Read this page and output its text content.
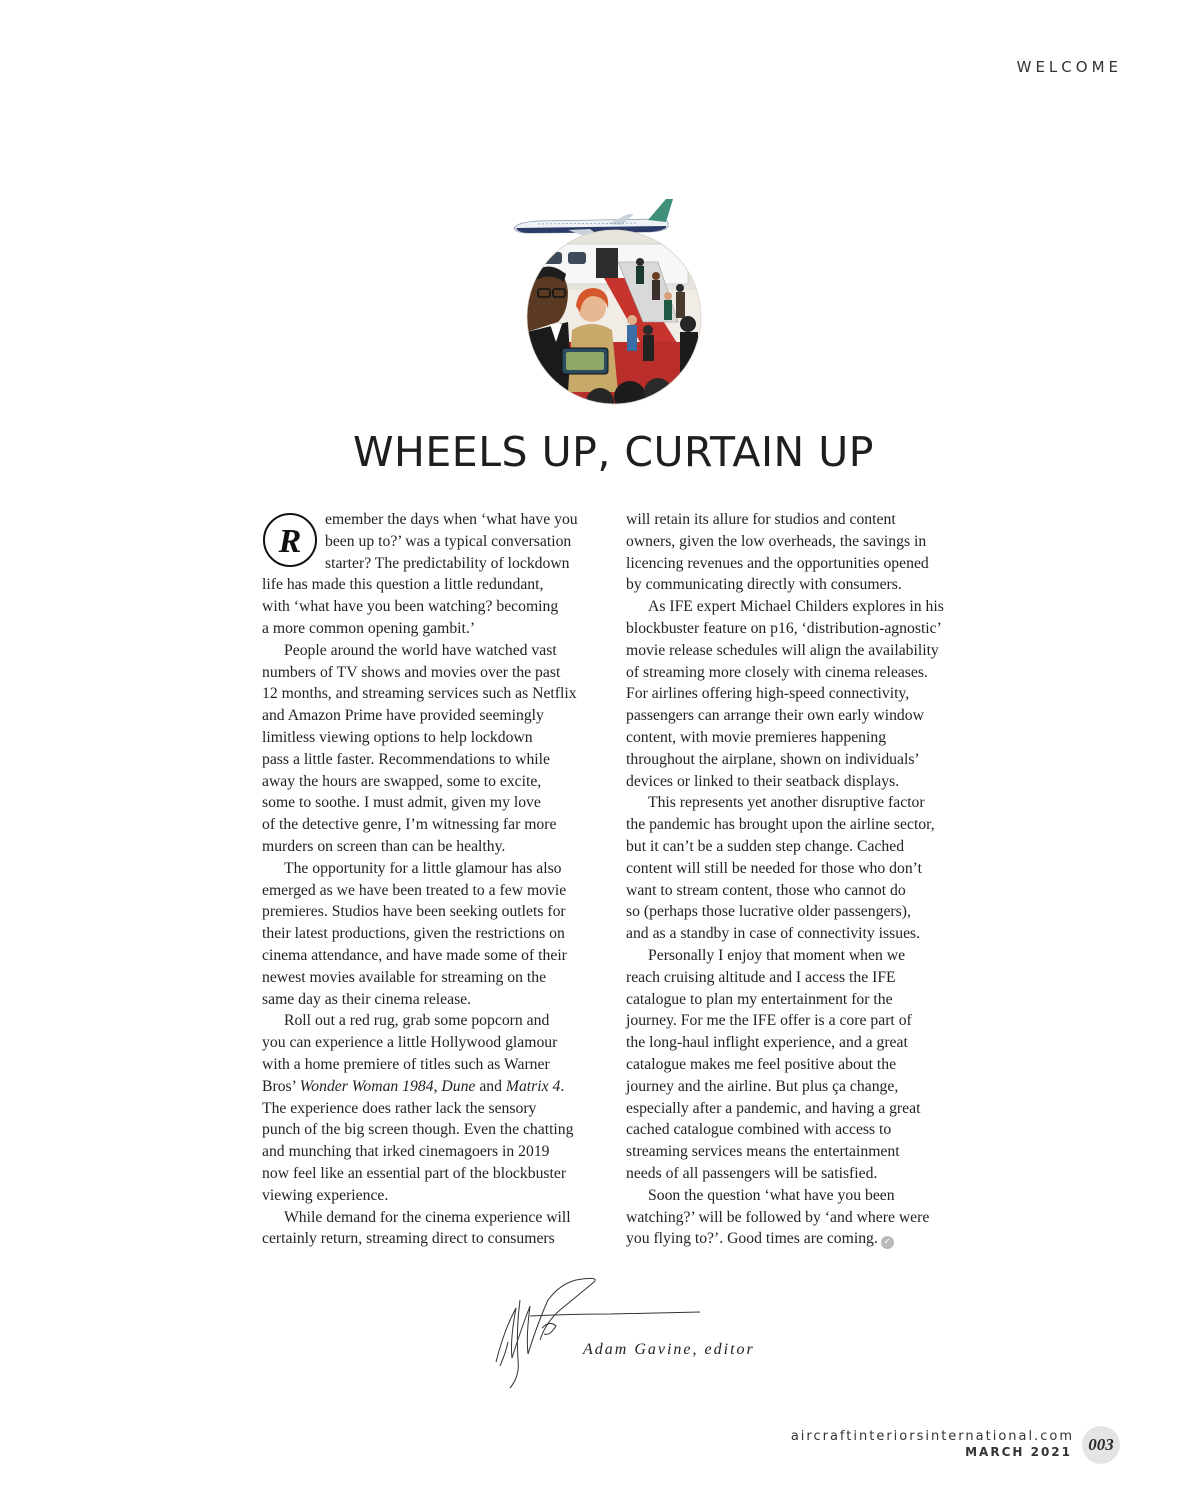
WELCOME
WHEELS UP, CURTAIN UP
R

emember the days when ‘what have you

been up to?’ was a typical conversation

starter? The predictability of lockdown

life has made this question a little redundant,

with ‘what have you been watching? becoming

a more common opening gambit.’

People around the world have watched vast

numbers of TV shows and movies over the past

12 months, and streaming services such as Netflix

and Amazon Prime have provided seemingly

limitless viewing options to help lockdown

pass a little faster. Recommendations to while

away the hours are swapped, some to excite,

some to soothe. I must admit, given my love

of the detective genre, I’m witnessing far more

murders on screen than can be healthy.

The opportunity for a little glamour has also

emerged as we have been treated to a few movie

premieres. Studios have been seeking outlets for

their latest productions, given the restrictions on

cinema attendance, and have made some of their

newest movies available for streaming on the

same day as their cinema release.

Roll out a red rug, grab some popcorn and

you can experience a little Hollywood glamour

with a home premiere of titles such as Warner

Bros’ Wonder Woman 1984, Dune and Matrix 4.

The experience does rather lack the sensory

punch of the big screen though. Even the chatting

and munching that irked cinemagoers in 2019

now feel like an essential part of the blockbuster

viewing experience.

While demand for the cinema experience will

certainly return, streaming direct to consumers

will retain its allure for studios and content

owners, given the low overheads, the savings in

licencing revenues and the opportunities opened

by communicating directly with consumers.

As IFE expert Michael Childers explores in his

blockbuster feature on p16, ‘distribution-agnostic’

movie release schedules will align the availability

of streaming more closely with cinema releases.

For airlines offering high-speed connectivity,

passengers can arrange their own early window

content, with movie premieres happening

throughout the airplane, shown on individuals’

devices or linked to their seatback displays.

This represents yet another disruptive factor

the pandemic has brought upon the airline sector,

but it can’t be a sudden step change. Cached

content will still be needed for those who don’t

want to stream content, those who cannot do

so (perhaps those lucrative older passengers),

and as a standby in case of connectivity issues.

Personally I enjoy that moment when we

reach cruising altitude and I access the IFE

catalogue to plan my entertainment for the

journey. For me the IFE offer is a core part of

the long-haul inflight experience, and a great

catalogue makes me feel positive about the

journey and the airline. But plus ça change,

especially after a pandemic, and having a great

cached catalogue combined with access to

streaming services means the entertainment

needs of all passengers will be satisfied.

Soon the question ‘what have you been

watching?’ will be followed by ‘and where were

you flying to?’. Good times are coming. ✓

Adam Gavine, editor
aircraftinteriorsinternational.com
MARCH 2021 003
